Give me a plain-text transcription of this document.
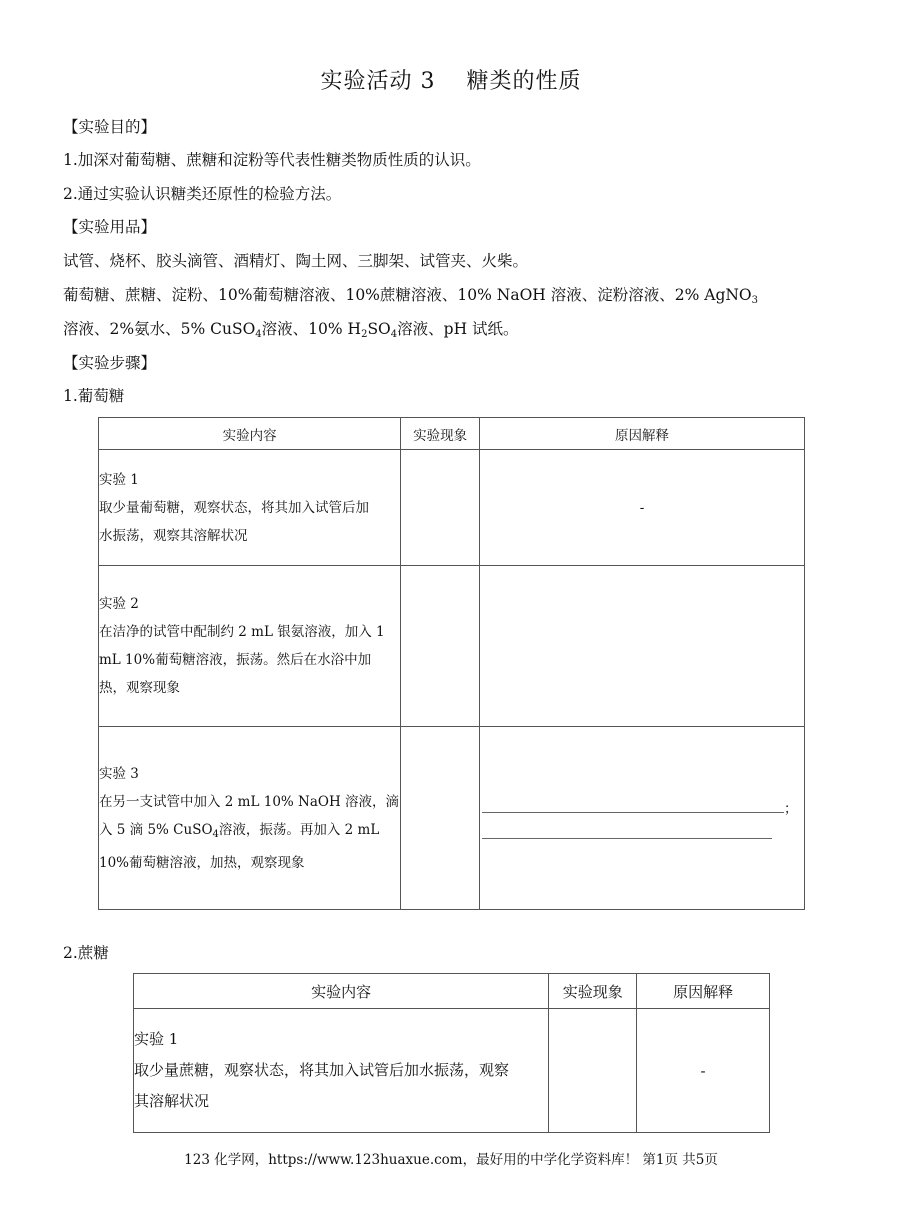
实验活动 3　 糖类的性质
【实验目的】
1.加深对葡萄糖、蔗糖和淀粉等代表性糖类物质性质的认识。
2.通过实验认识糖类还原性的检验方法。
【实验用品】
试管、烧杯、胶头滴管、酒精灯、陶土网、三脚架、试管夹、火柴。
葡萄糖、蔗糖、淀粉、10%葡萄糖溶液、10%蔗糖溶液、10% NaOH 溶液、淀粉溶液、2% AgNO$_3$
溶液、2%氨水、5% CuSO$_4$溶液、10% $H_2SO_4$溶液、pH 试纸。
【实验步骤】
1.葡萄糖
实验内容	实验现象	原因解释

实验 1
取少量葡萄糖，观察状态，将其加入试管后加
水振荡，观察其溶解状况		-

实验 2
在洁净的试管中配制约 2 mL 银氨溶液，加入 1
mL 10%葡萄糖溶液，振荡。然后在水浴中加
热，观察现象		

实验 3
在另一支试管中加入 2 mL 10% NaOH 溶液，滴
入 5 滴 5% CuSO$_4$溶液，振荡。再加入 2 mL
10%葡萄糖溶液，加热，观察现象		；
2.蔗糖
实验内容	实验现象	原因解释

实验 1
取少量蔗糖，观察状态，将其加入试管后加水振荡，观察
其溶解状况		-
123 化学网，https://www.123huaxue.com，最好用的中学化学资料库！ 第1页 共5页
